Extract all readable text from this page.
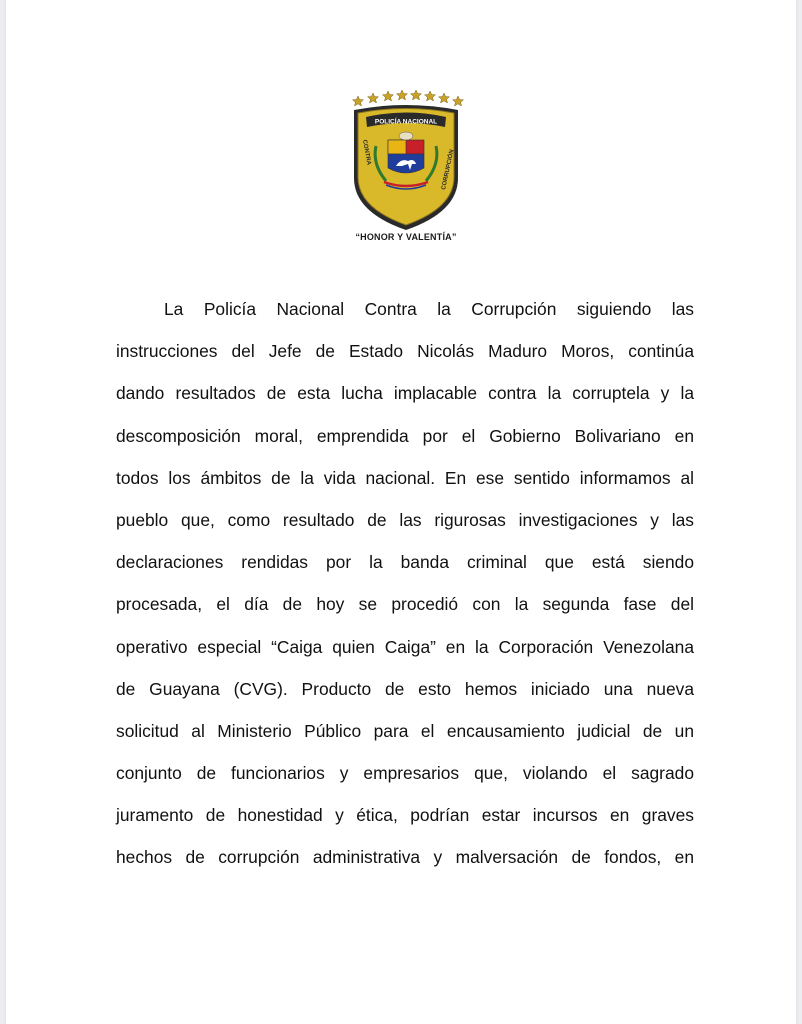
POLICÍA NACIONAL
CONTRA	CORRUPCIÓN
“HONOR Y VALENTÍA”
La Policía Nacional Contra la Corrupción siguiendo las
instrucciones del Jefe de Estado Nicolás Maduro Moros, continúa
dando resultados de esta lucha implacable contra la corruptela y la
descomposición moral, emprendida por el Gobierno Bolivariano en
todos los ámbitos de la vida nacional. En ese sentido informamos al
pueblo que, como resultado de las rigurosas investigaciones y las
declaraciones rendidas por la banda criminal que está siendo
procesada, el día de hoy se procedió con la segunda fase del
operativo especial “Caiga quien Caiga” en la Corporación Venezolana
de Guayana (CVG). Producto de esto hemos iniciado una nueva
solicitud al Ministerio Público para el encausamiento judicial de un
conjunto de funcionarios y empresarios que, violando el sagrado
juramento de honestidad y ética, podrían estar incursos en graves
hechos de corrupción administrativa y malversación de fondos, en
